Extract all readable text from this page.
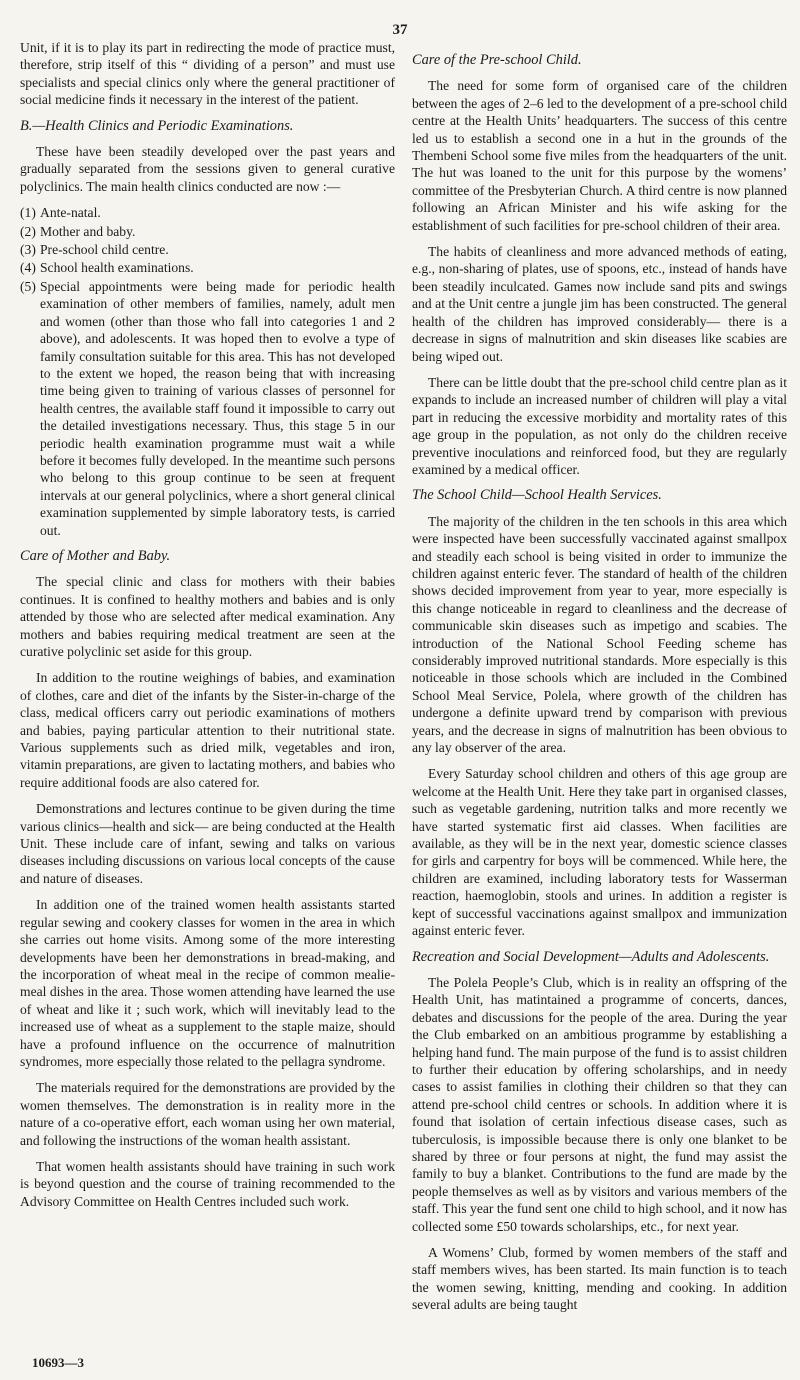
37

Unit, if it is to play its part in redirecting the mode of practice must, therefore, strip itself of this “ dividing of a person” and must use specialists and special clinics only where the general practitioner of social medicine finds it necessary in the interest of the patient.

B.—Health Clinics and Periodic Examinations.

These have been steadily developed over the past years and gradually separated from the sessions given to general curative polyclinics. The main health clinics conducted are now :—

(1) Ante-natal.
(2) Mother and baby.
(3) Pre-school child centre.
(4) School health examinations.
(5) Special appointments were being made for periodic health examination of other members of families, namely, adult men and women (other than those who fall into categories 1 and 2 above), and adolescents. It was hoped then to evolve a type of family consultation suitable for this area. This has not developed to the extent we hoped, the reason being that with increasing time being given to training of various classes of personnel for health centres, the available staff found it impossible to carry out the detailed investigations necessary. Thus, this stage 5 in our periodic health examination programme must wait a while before it becomes fully developed. In the meantime such persons who belong to this group continue to be seen at frequent intervals at our general polyclinics, where a short general clinical examination supplemented by simple laboratory tests, is carried out.
Care of Mother and Baby.

The special clinic and class for mothers with their babies continues. It is confined to healthy mothers and babies and is only attended by those who are selected after medical examination. Any mothers and babies requiring medical treatment are seen at the curative polyclinic set aside for this group.

In addition to the routine weighings of babies, and examination of clothes, care and diet of the infants by the Sister-in-charge of the class, medical officers carry out periodic examinations of mothers and babies, paying particular attention to their nutritional state. Various supplements such as dried milk, vegetables and iron, vitamin preparations, are given to lactating mothers, and babies who require additional foods are also catered for.

Demonstrations and lectures continue to be given during the time various clinics—health and sick— are being conducted at the Health Unit. These include care of infant, sewing and talks on various diseases including discussions on various local concepts of the cause and nature of diseases.

In addition one of the trained women health assistants started regular sewing and cookery classes for women in the area in which she carries out home visits. Among some of the more interesting developments have been her demonstrations in bread-making, and the incorporation of wheat meal in the recipe of common mealie-meal dishes in the area. Those women attending have learned the use of wheat and like it ; such work, which will inevitably lead to the increased use of wheat as a supplement to the staple maize, should have a profound influence on the occurrence of malnutrition syndromes, more especially those related to the pellagra syndrome.

The materials required for the demonstrations are provided by the women themselves. The demonstration is in reality more in the nature of a co-operative effort, each woman using her own material, and following the instructions of the woman health assistant.

That women health assistants should have training in such work is beyond question and the course of training recommended to the Advisory Committee on Health Centres included such work.

Care of the Pre-school Child.

The need for some form of organised care of the children between the ages of 2–6 led to the development of a pre-school child centre at the Health Units’ headquarters. The success of this centre led us to establish a second one in a hut in the grounds of the Thembeni School some five miles from the headquarters of the unit. The hut was loaned to the unit for this purpose by the womens’ committee of the Presbyterian Church. A third centre is now planned following an African Minister and his wife asking for the establishment of such facilities for pre-school children of their area.

The habits of cleanliness and more advanced methods of eating, e.g., non-sharing of plates, use of spoons, etc., instead of hands have been steadily inculcated. Games now include sand pits and swings and at the Unit centre a jungle jim has been constructed. The general health of the children has improved considerably— there is a decrease in signs of malnutrition and skin diseases like scabies are being wiped out.

There can be little doubt that the pre-school child centre plan as it expands to include an increased number of children will play a vital part in reducing the excessive morbidity and mortality rates of this age group in the population, as not only do the children receive preventive inoculations and reinforced food, but they are regularly examined by a medical officer.

The School Child—School Health Services.

The majority of the children in the ten schools in this area which were inspected have been successfully vaccinated against smallpox and steadily each school is being visited in order to immunize the children against enteric fever. The standard of health of the children shows decided improvement from year to year, more especially is this change noticeable in regard to cleanliness and the decrease of communicable skin diseases such as impetigo and scabies. The introduction of the National School Feeding scheme has considerably improved nutritional standards. More especially is this noticeable in those schools which are included in the Combined School Meal Service, Polela, where growth of the children has undergone a definite upward trend by comparison with previous years, and the decrease in signs of malnutrition has been obvious to any lay observer of the area.

Every Saturday school children and others of this age group are welcome at the Health Unit. Here they take part in organised classes, such as vegetable gardening, nutrition talks and more recently we have started systematic first aid classes. When facilities are available, as they will be in the next year, domestic science classes for girls and carpentry for boys will be commenced. While here, the children are examined, including laboratory tests for Wasserman reaction, haemoglobin, stools and urines. In addition a register is kept of successful vaccinations against smallpox and immunization against enteric fever.

Recreation and Social Development—Adults and Adolescents.

The Polela People’s Club, which is in reality an offspring of the Health Unit, has matintained a programme of concerts, dances, debates and discussions for the people of the area. During the year the Club embarked on an ambitious programme by establishing a helping hand fund. The main purpose of the fund is to assist children to further their education by offering scholarships, and in needy cases to assist families in clothing their children so that they can attend pre-school child centres or schools. In addition where it is found that isolation of certain infectious disease cases, such as tuberculosis, is impossible because there is only one blanket to be shared by three or four persons at night, the fund may assist the family to buy a blanket. Contributions to the fund are made by the people themselves as well as by visitors and various members of the staff. This year the fund sent one child to high school, and it now has collected some £50 towards scholarships, etc., for next year.

A Womens’ Club, formed by women members of the staff and staff members wives, has been started. Its main function is to teach the women sewing, knitting, mending and cooking. In addition several adults are being taught

10693—3
